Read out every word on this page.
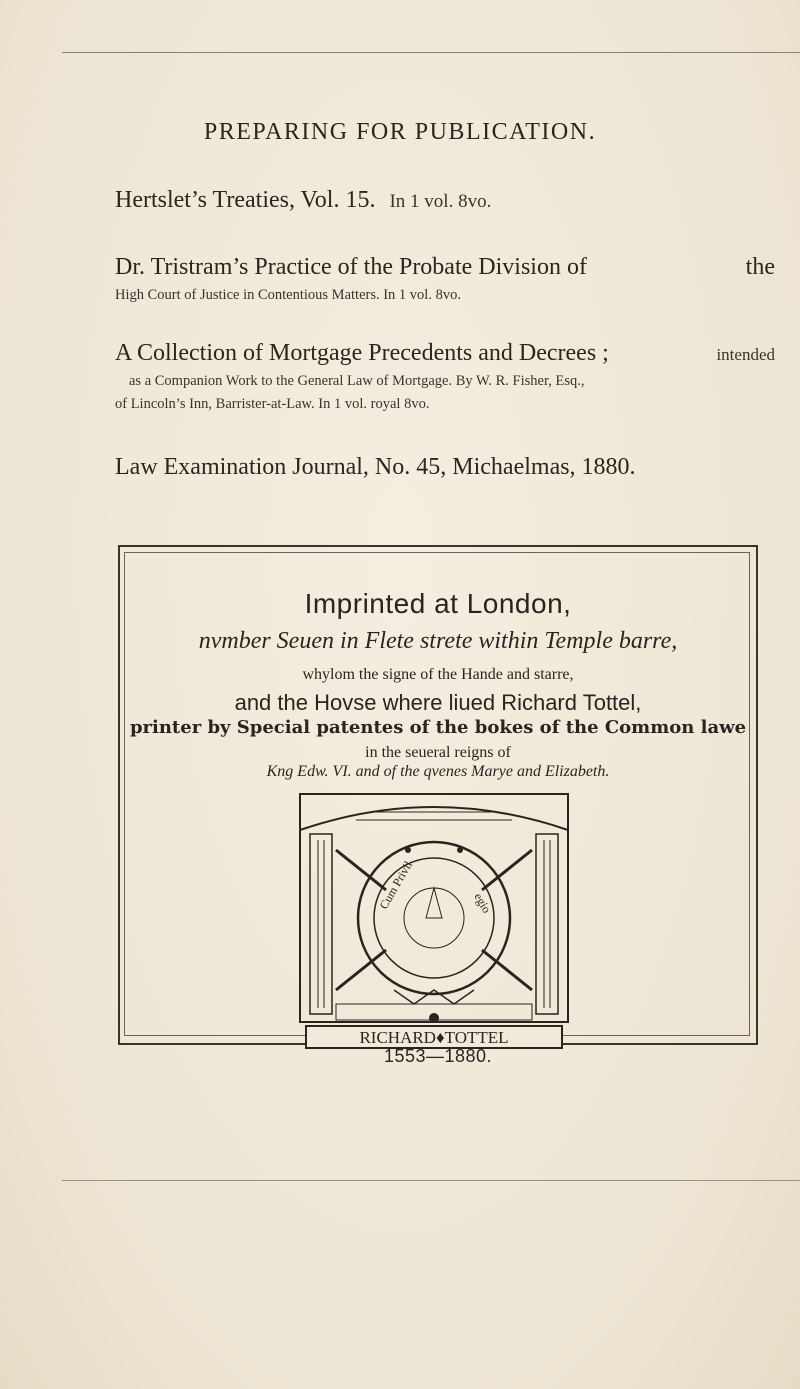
PREPARING FOR PUBLICATION.
Hertslet’s Treaties, Vol. 15. In 1 vol. 8vo.
Dr. Tristram’s Practice of the Probate Division of	the
High Court of Justice in Contentious Matters. In 1 vol. 8vo.
A Collection of Mortgage Precedents and Decrees ;	intended
as a Companion Work to the General Law of Mortgage. By W. R. Fisher, Esq.,
of Lincoln’s Inn, Barrister-at-Law. In 1 vol. royal 8vo.
Law Examination Journal, No. 45, Michaelmas, 1880.
Imprinted at London,
nvmber Seuen in Flete strete within Temple barre,
whylom the signe of the Hande and starre,
and the Hovse where liued Richard Tottel,
printer by Special patentes of the bokes of the Common lawe
in the seueral reigns of
Kng Edw. VI. and of the qvenes Marye and Elizabeth.
Cum Privil	egio
RICHARD♦TOTTEL
1553—1880.
